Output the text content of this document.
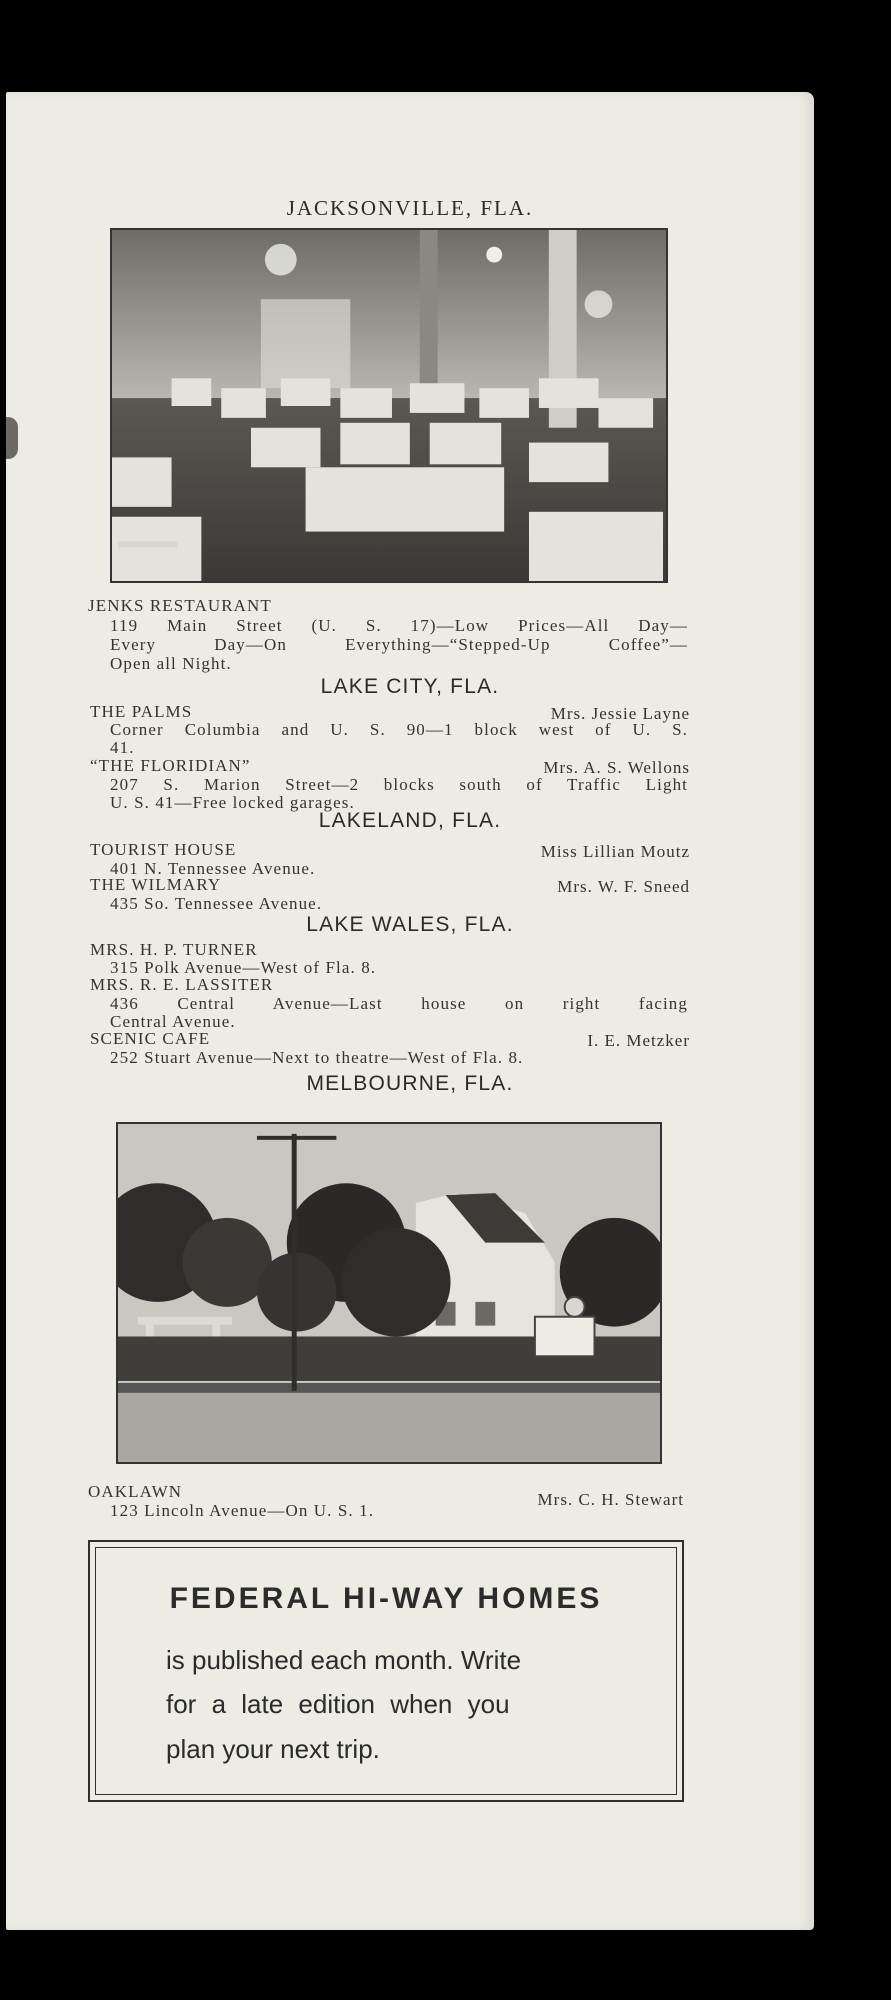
JACKSONVILLE, FLA.
JENKS RESTAURANT
119 Main Street (U. S. 17)—Low Prices—All Day—
Every Day—On Everything—“Stepped-Up Coffee”—
Open all Night.
LAKE CITY, FLA.
THE PALMS	Mrs. Jessie Layne
Corner Columbia and U. S. 90—1 block west of U. S.
41.
“THE FLORIDIAN”	Mrs. A. S. Wellons
207 S. Marion Street—2 blocks south of Traffic Light
U. S. 41—Free locked garages.
LAKELAND, FLA.
TOURIST HOUSE	Miss Lillian Moutz
401 N. Tennessee Avenue.
THE WILMARY	Mrs. W. F. Sneed
435 So. Tennessee Avenue.
LAKE WALES, FLA.
MRS. H. P. TURNER
315 Polk Avenue—West of Fla. 8.
MRS. R. E. LASSITER
436 Central Avenue—Last house on right facing
Central Avenue.
SCENIC CAFE	I. E. Metzker
252 Stuart Avenue—Next to theatre—West of Fla. 8.
MELBOURNE, FLA.
OAKLAWN	Mrs. C. H. Stewart
123 Lincoln Avenue—On U. S. 1.
FEDERAL HI-WAY HOMES
is published each month. Write
for a late edition when you
plan your next trip.
